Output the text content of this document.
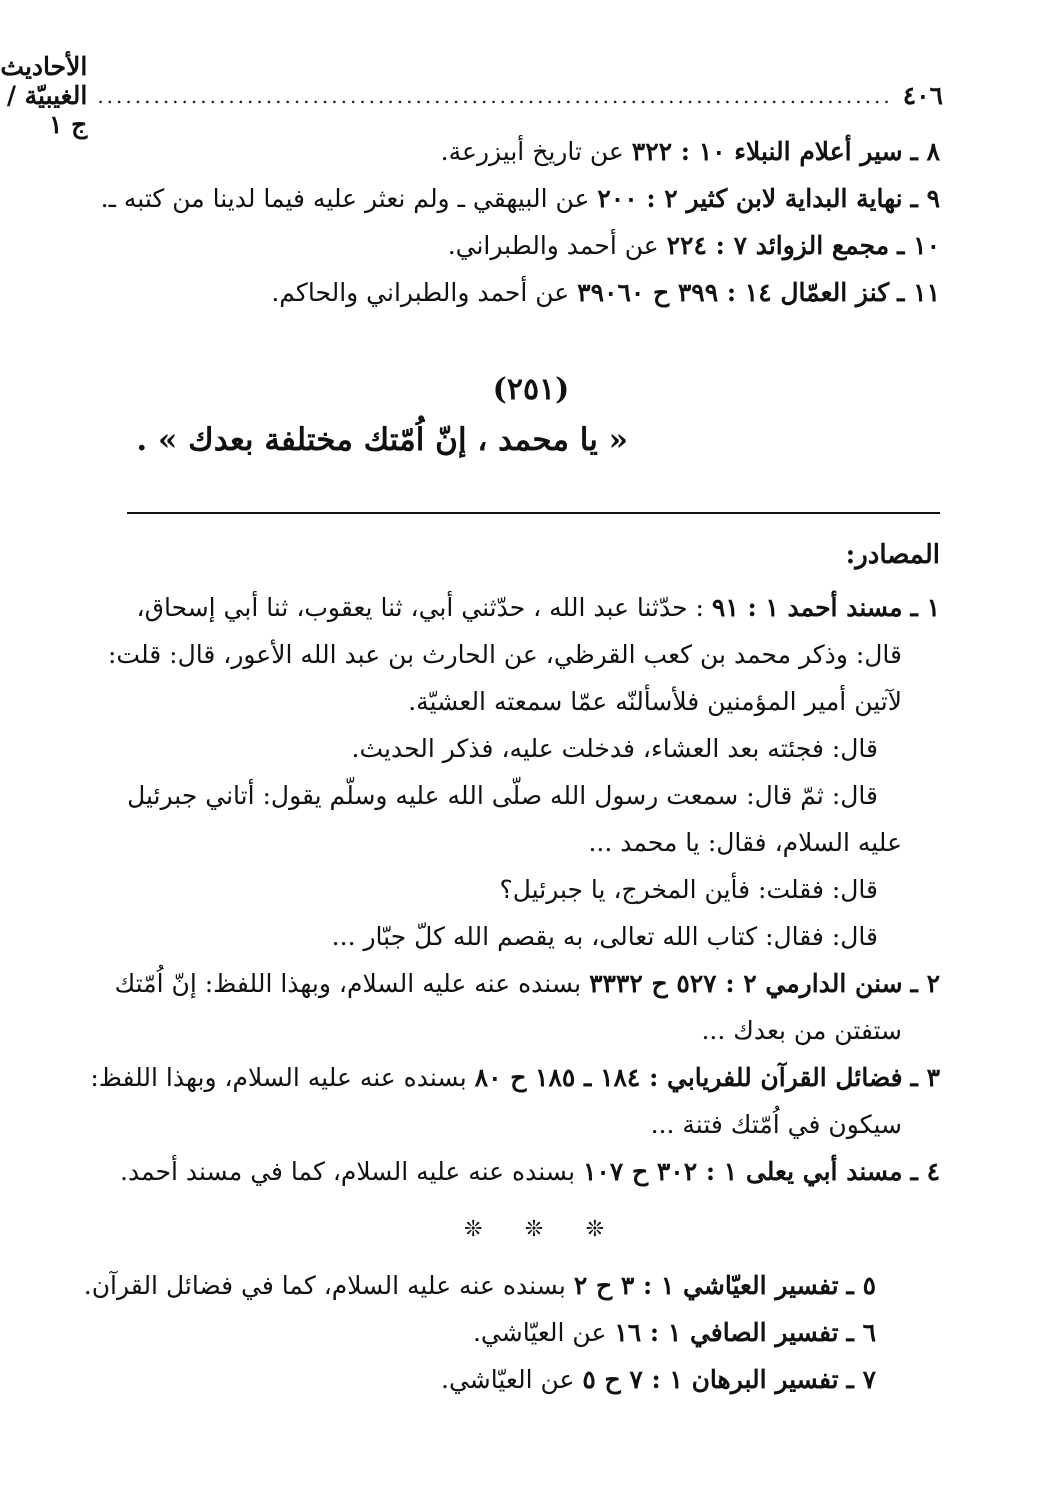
٤٠٦
.....................................................................................
الأحاديث الغيبيّة / ج ١
٨ ـ سير أعلام النبلاء ١٠ : ٣٢٢ عن تاريخ أبيزرعة.
٩ ـ نهاية البداية لابن كثير ٢ : ٢٠٠ عن البيهقي ـ ولم نعثر عليه فيما لدينا من كتبه ـ.
١٠ ـ مجمع الزوائد ٧ : ٢٢٤ عن أحمد والطبراني.
١١ ـ كنز العمّال ١٤ : ٣٩٩ ح ٣٩٠٦٠ عن أحمد والطبراني والحاكم.
(٢٥١)
« يا محمد ، إنّ اُمّتك مختلفة بعدك » .
المصادر:
١ ـ مسند أحمد ١ : ٩١ : حدّثنا عبد الله ، حدّثني أبي، ثنا يعقوب، ثنا أبي إسحاق،
قال: وذكر محمد بن كعب القرظي، عن الحارث بن عبد الله الأعور، قال: قلت:
لآتين أمير المؤمنين فلأسألنّه عمّا سمعته العشيّة.
قال: فجئته بعد العشاء، فدخلت عليه، فذكر الحديث.
قال: ثمّ قال: سمعت رسول الله صلّى الله عليه وسلّم يقول: أتاني جبرئيل
عليه السلام، فقال: يا محمد ...
قال: فقلت: فأين المخرج، يا جبرئيل؟
قال: فقال: كتاب الله تعالى، به يقصم الله كلّ جبّار ...
٢ ـ سنن الدارمي ٢ : ٥٢٧ ح ٣٣٣٢ بسنده عنه عليه السلام، وبهذا اللفظ: إنّ اُمّتك
ستفتن من بعدك ...
٣ ـ فضائل القرآن للفريابي : ١٨٤ ـ ١٨٥ ح ٨٠ بسنده عنه عليه السلام، وبهذا اللفظ:
سيكون في اُمّتك فتنة ...
٤ ـ مسند أبي يعلى ١ : ٣٠٢ ح ١٠٧ بسنده عنه عليه السلام، كما في مسند أحمد.
❊ ❊ ❊
٥ ـ تفسير العيّاشي ١ : ٣ ح ٢ بسنده عنه عليه السلام، كما في فضائل القرآن.
٦ ـ تفسير الصافي ١ : ١٦ عن العيّاشي.
٧ ـ تفسير البرهان ١ : ٧ ح ٥ عن العيّاشي.
